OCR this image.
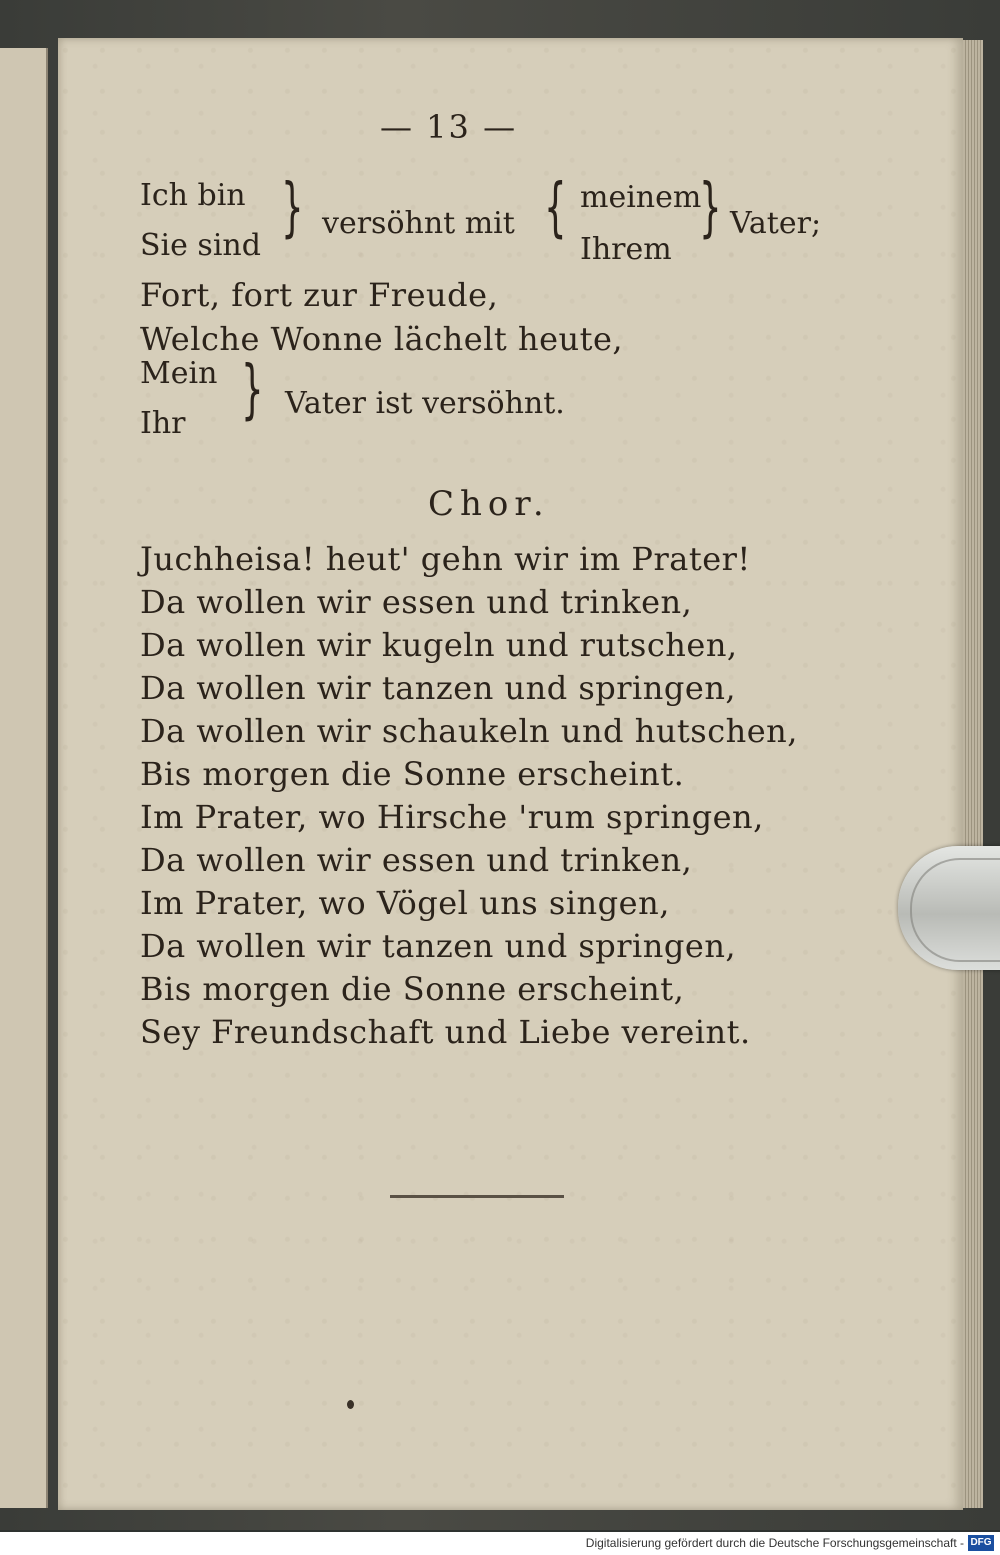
— 13 —
Ich bin
Sie sind
} versöhnt mit { meinem
Ihrem
} Vater;
Fort, fort zur Freude,
Welche Wonne lächelt heute,
Mein
Ihr } Vater ist versöhnt.
Chor.
Juchheisa! heut' gehn wir im Prater!
Da wollen wir essen und trinken,
Da wollen wir kugeln und rutschen,
Da wollen wir tanzen und springen,
Da wollen wir schaukeln und hutschen,
Bis morgen die Sonne erscheint.
Im Prater, wo Hirsche 'rum springen,
Da wollen wir essen und trinken,
Im Prater, wo Vögel uns singen,
Da wollen wir tanzen und springen,
Bis morgen die Sonne erscheint,
Sey Freundschaft und Liebe vereint.
Digitalisierung gefördert durch die Deutsche Forschungsgemeinschaft - DFG
